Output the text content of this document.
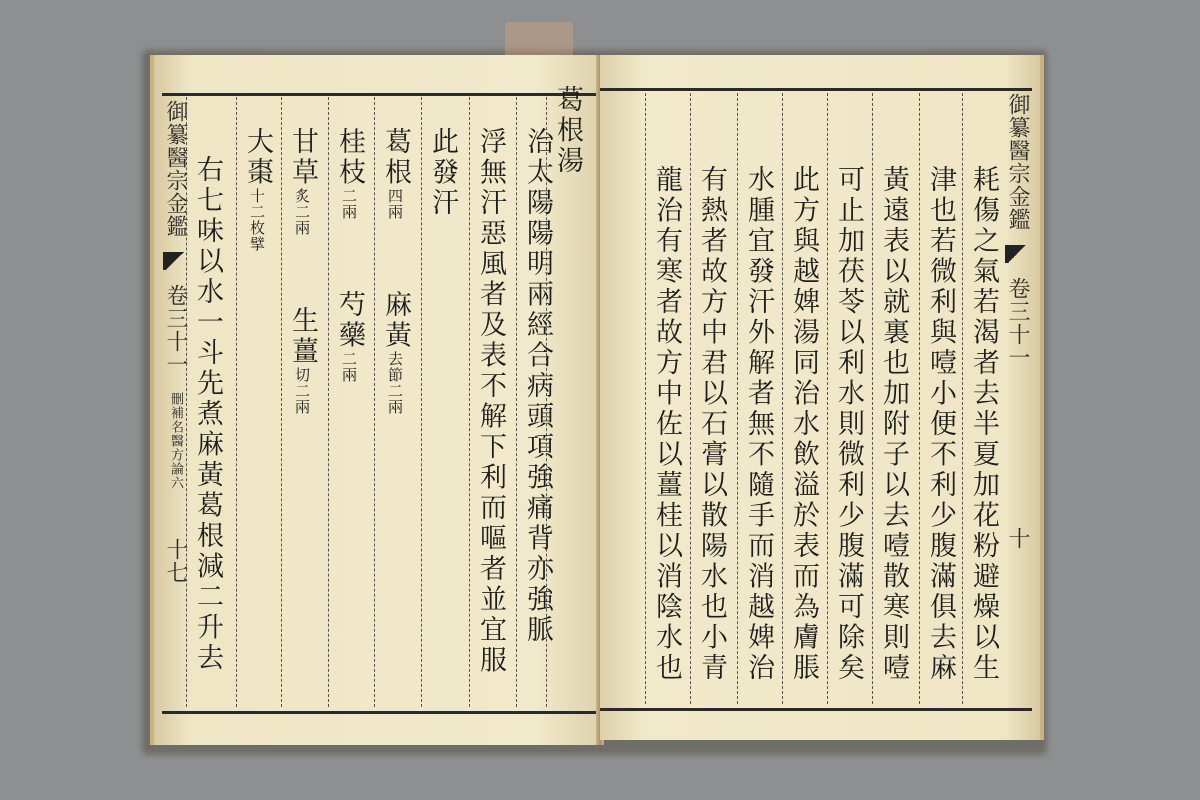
御纂醫宗金鑑  卷三十一 刪補名醫方論六 十七
葛根湯
治太陽陽明兩經合病頭項強痛背亦強脈
浮無汗惡風者及表不解下利而嘔者並宜服
此發汗
葛根四兩麻黃去節二兩
桂枝二兩芍藥二兩
甘草炙二兩生薑切二兩
大棗十二枚擘
右七味以水一斗先煮麻黃葛根減二升去	御纂醫宗金鑑  卷三十一 十
耗傷之氣若渴者去半夏加花粉避燥以生
津也若微利與噎小便不利少腹滿俱去麻
黃遠表以就裏也加附子以去噎散寒則噎
可止加茯苓以利水則微利少腹滿可除矣
此方與越婢湯同治水飲溢於表而為膚脹
水腫宜發汗外解者無不隨手而消越婢治
有熱者故方中君以石膏以散陽水也小青
龍治有寒者故方中佐以薑桂以消陰水也
